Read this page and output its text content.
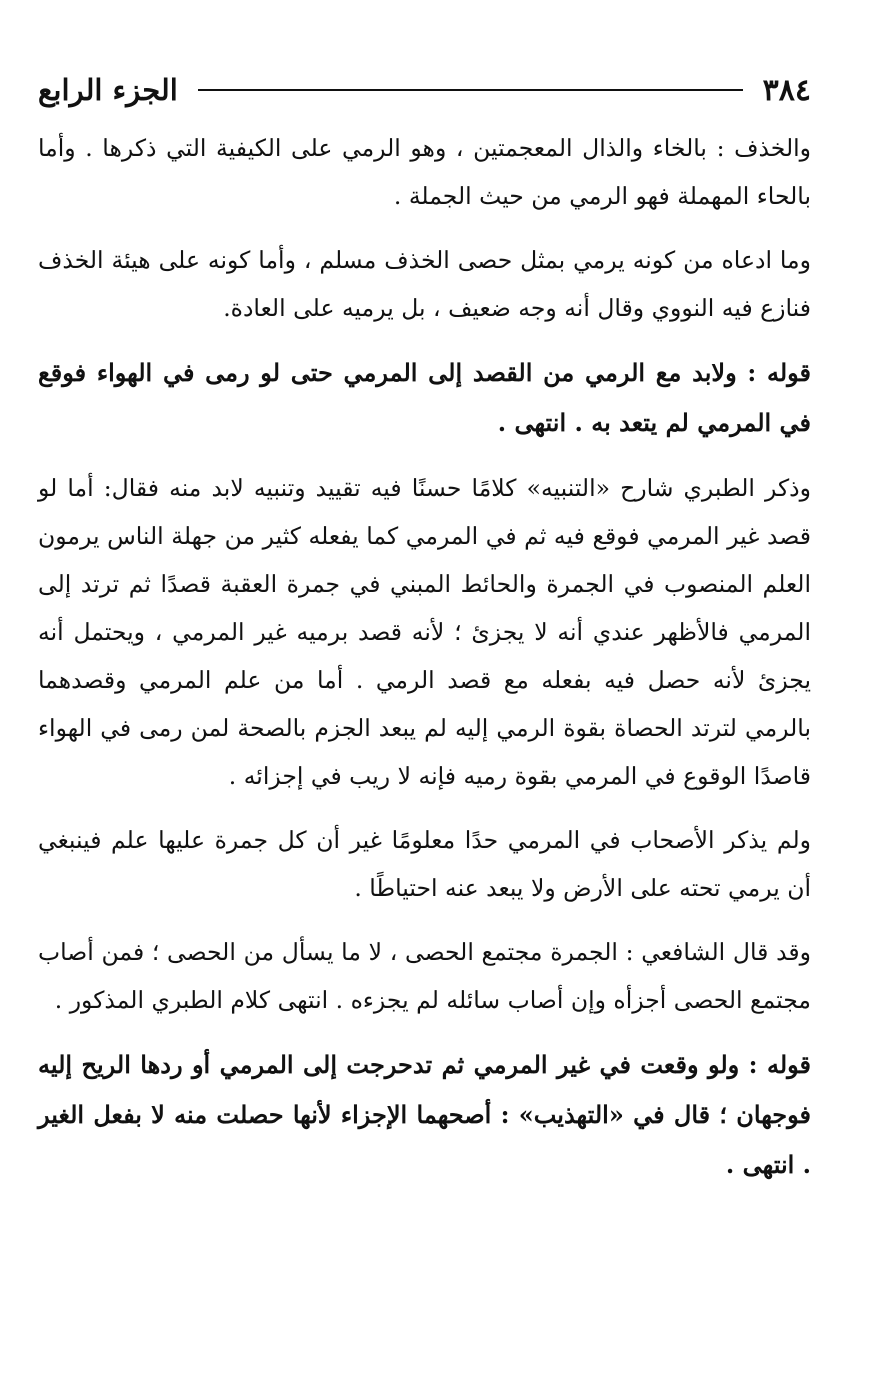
٣٨٤
الجزء الرابع

والخذف : بالخاء والذال المعجمتين ، وهو الرمي على الكيفية التي ذكرها . وأما بالحاء المهملة فهو الرمي من حيث الجملة .

وما ادعاه من كونه يرمي بمثل حصى الخذف مسلم ، وأما كونه على هيئة الخذف فنازع فيه النووي وقال أنه وجه ضعيف ، بل يرميه على العادة.

قوله : ولابد مع الرمي من القصد إلى المرمي حتى لو رمى في الهواء فوقع في المرمي لم يتعد به . انتهى .

وذكر الطبري شارح «التنبيه» كلامًا حسنًا فيه تقييد وتنبيه لابد منه فقال: أما لو قصد غير المرمي فوقع فيه ثم في المرمي كما يفعله كثير من جهلة الناس يرمون العلم المنصوب في الجمرة والحائط المبني في جمرة العقبة قصدًا ثم ترتد إلى المرمي فالأظهر عندي أنه لا يجزئ ؛ لأنه قصد برميه غير المرمي ، ويحتمل أنه يجزئ لأنه حصل فيه بفعله مع قصد الرمي . أما من علم المرمي وقصدهما بالرمي لترتد الحصاة بقوة الرمي إليه لم يبعد الجزم بالصحة لمن رمى في الهواء قاصدًا الوقوع في المرمي بقوة رميه فإنه لا ريب في إجزائه .

ولم يذكر الأصحاب في المرمي حدًا معلومًا غير أن كل جمرة عليها علم فينبغي أن يرمي تحته على الأرض ولا يبعد عنه احتياطًا .

وقد قال الشافعي : الجمرة مجتمع الحصى ، لا ما يسأل من الحصى ؛ فمن أصاب مجتمع الحصى أجزأه وإن أصاب سائله لم يجزءه . انتهى كلام الطبري المذكور .

قوله : ولو وقعت في غير المرمي ثم تدحرجت إلى المرمي أو ردها الريح إليه فوجهان ؛ قال في «التهذيب» : أصحهما الإجزاء لأنها حصلت منه لا بفعل الغير . انتهى .
